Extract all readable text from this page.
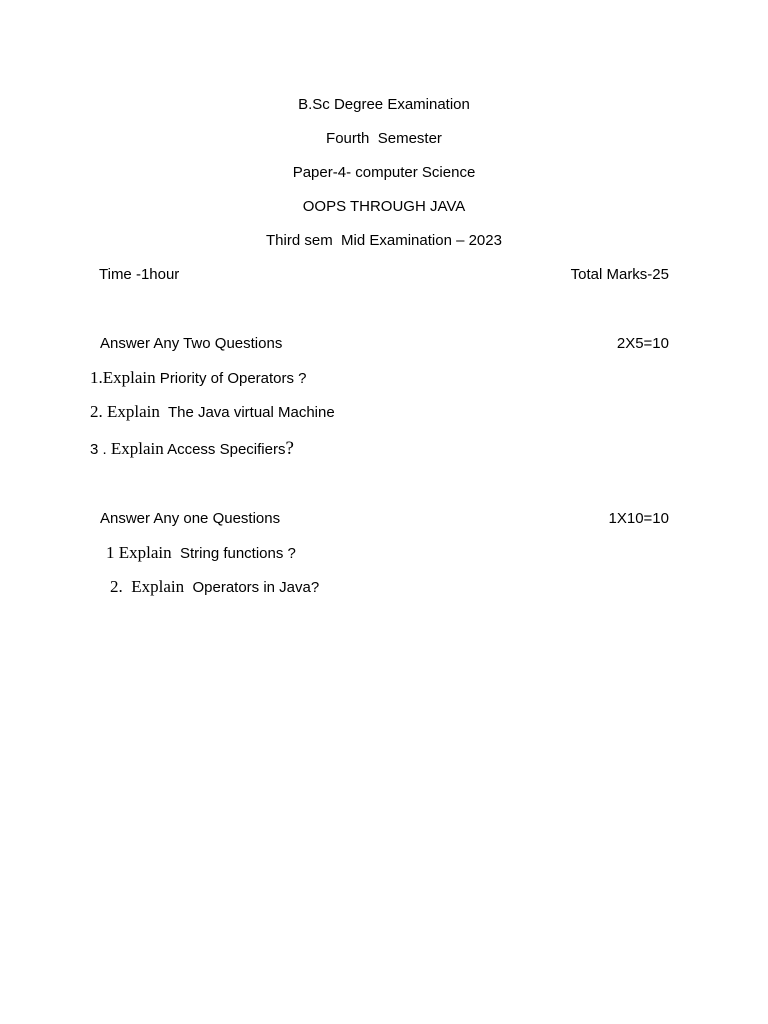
B.Sc Degree Examination
Fourth  Semester
Paper-4- computer Science
OOPS THROUGH JAVA
Third sem  Mid Examination – 2023
Time -1hour	Total Marks-25
Answer Any Two Questions	2X5=10
1.Explain Priority of Operators ?
2. Explain  The Java virtual Machine
3 . Explain Access Specifiers?
Answer Any one Questions	1X10=10
1 Explain  String functions ?
2.  Explain  Operators in Java?
